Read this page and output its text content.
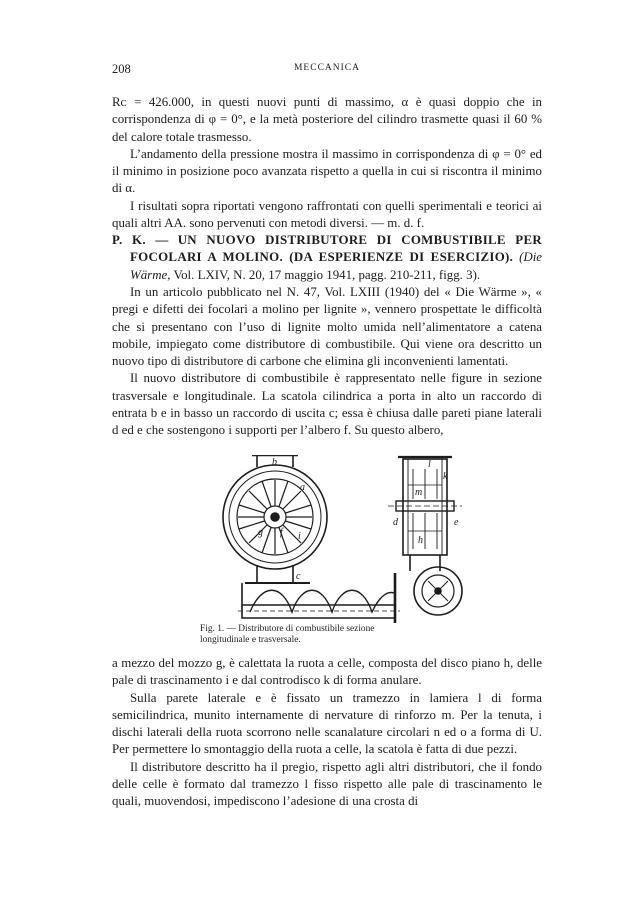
208	MECCANICA

Rᴄ = 426.000, in questi nuovi punti di massimo, α è quasi doppio che in corrispondenza di φ = 0°, e la metà posteriore del cilindro trasmette quasi il 60 % del calore totale trasmesso.

L’andamento della pressione mostra il massimo in corrispondenza di φ = 0° ed il minimo in posizione poco avanzata rispetto a quella in cui si riscontra il minimo di α.

I risultati sopra riportati vengono raffrontati con quelli sperimentali e teorici ai quali altri AA. sono pervenuti con metodi diversi. — m. d. f.

P. K. — UN NUOVO DISTRIBUTORE DI COMBUSTIBILE PER FOCOLARI A MOLINO. (DA ESPERIENZE DI ESERCIZIO). (Die Wärme, Vol. LXIV, N. 20, 17 maggio 1941, pagg. 210-211, figg. 3).

In un articolo pubblicato nel N. 47, Vol. LXIII (1940) del « Die Wärme », « pregi e difetti dei focolari a molino per lignite », vennero prospettate le difficoltà che si presentano con l’uso di lignite molto umida nell’alimentatore a catena mobile, impiegato come distributore di combustibile. Qui viene ora descritto un nuovo tipo di distributore di carbone che elimina gli inconvenienti lamentati.

Il nuovo distributore di combustibile è rappresentato nelle figure in sezione trasversale e longitudinale. La scatola cilindrica a porta in alto un raccordo di entrata b e in basso un raccordo di uscita c; essa è chiusa dalle pareti piane laterali d ed e che sostengono i supporti per l’albero f. Su questo albero,

b
a
g f
c
i
l
k
e
d
m
h
Fig. 1. — Distributore di combustibile sezione
longitudinale e trasversale.

a mezzo del mozzo g, è calettata la ruota a celle, composta del disco piano h, delle pale di trascinamento i e dal controdisco k di forma anulare.

Sulla parete laterale e è fissato un tramezzo in lamiera l di forma semicilindrica, munito internamente di nervature di rinforzo m. Per la tenuta, i dischi laterali della ruota scorrono nelle scanalature circolari n ed o a forma di U. Per permettere lo smontaggio della ruota a celle, la scatola è fatta di due pezzi.

Il distributore descritto ha il pregio, rispetto agli altri distributori, che il fondo delle celle è formato dal tramezzo l fisso rispetto alle pale di trascinamento le quali, muovendosi, impediscono l’adesione di una crosta di
